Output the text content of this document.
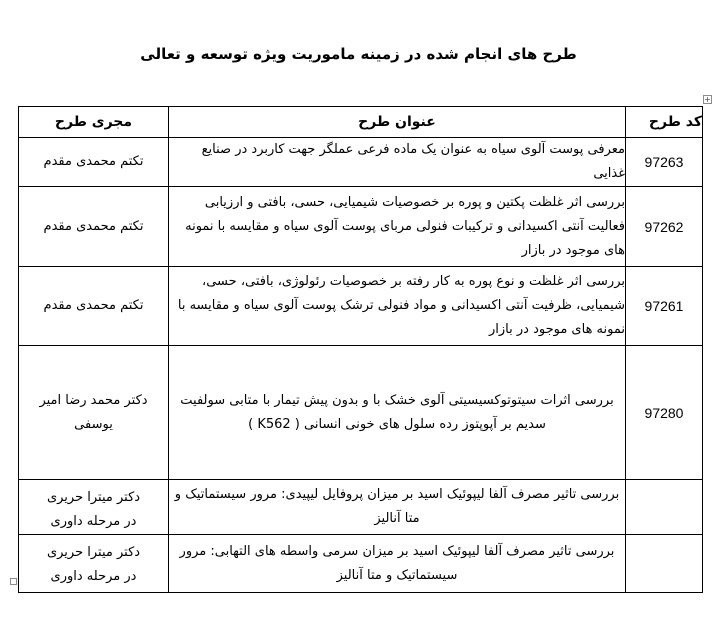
طرح های انجام شده در زمینه ماموریت ویژه توسعه و تعالی
+
کد طرح	عنوان طرح	مجری طرح
97263	معرفی پوست آلوی سیاه به عنوان یک ماده فرعی عملگر جهت کاربرد در صنایع غذایی	تکتم محمدی مقدم

97262	بررسی اثر غلظت پکتین و پوره بر خصوصیات شیمیایی، حسی، بافتی و ارزیابی فعالیت آنتی اکسیدانی و ترکیبات فنولی مربای پوست آلوی سیاه و مقایسه با نمونه های موجود در بازار	تکتم محمدی مقدم

97261	بررسی اثر غلظت و نوع پوره به کار رفته بر خصوصیات رئولوژی، بافتی، حسی، شیمیایی، ظرفیت آنتی اکسیدانی و مواد فنولی ترشک پوست آلوی سیاه و مقایسه با نمونه های موجود در بازار	تکتم محمدی مقدم

97280	بررسی اثرات سیتوتوکسیسیتی آلوی خشک با و بدون پیش تیمار با متابی سولفیت سدیم بر آپوپتوز رده سلول های خونی انسانی ( K562 )	دکتر محمد رضا امیر
یوسفی

	بررسی تاثیر مصرف آلفا لیپوئیک اسید بر میزان پروفایل لیپیدی: مرور سیستماتیک و متا آنالیز	دکتر میترا حریری
در مرحله داوری

	بررسی تاثیر مصرف آلفا لیپوئیک اسید بر میزان سرمی واسطه های التهابی: مرور سیستماتیک و متا آنالیز	دکتر میترا حریری
در مرحله داوری
